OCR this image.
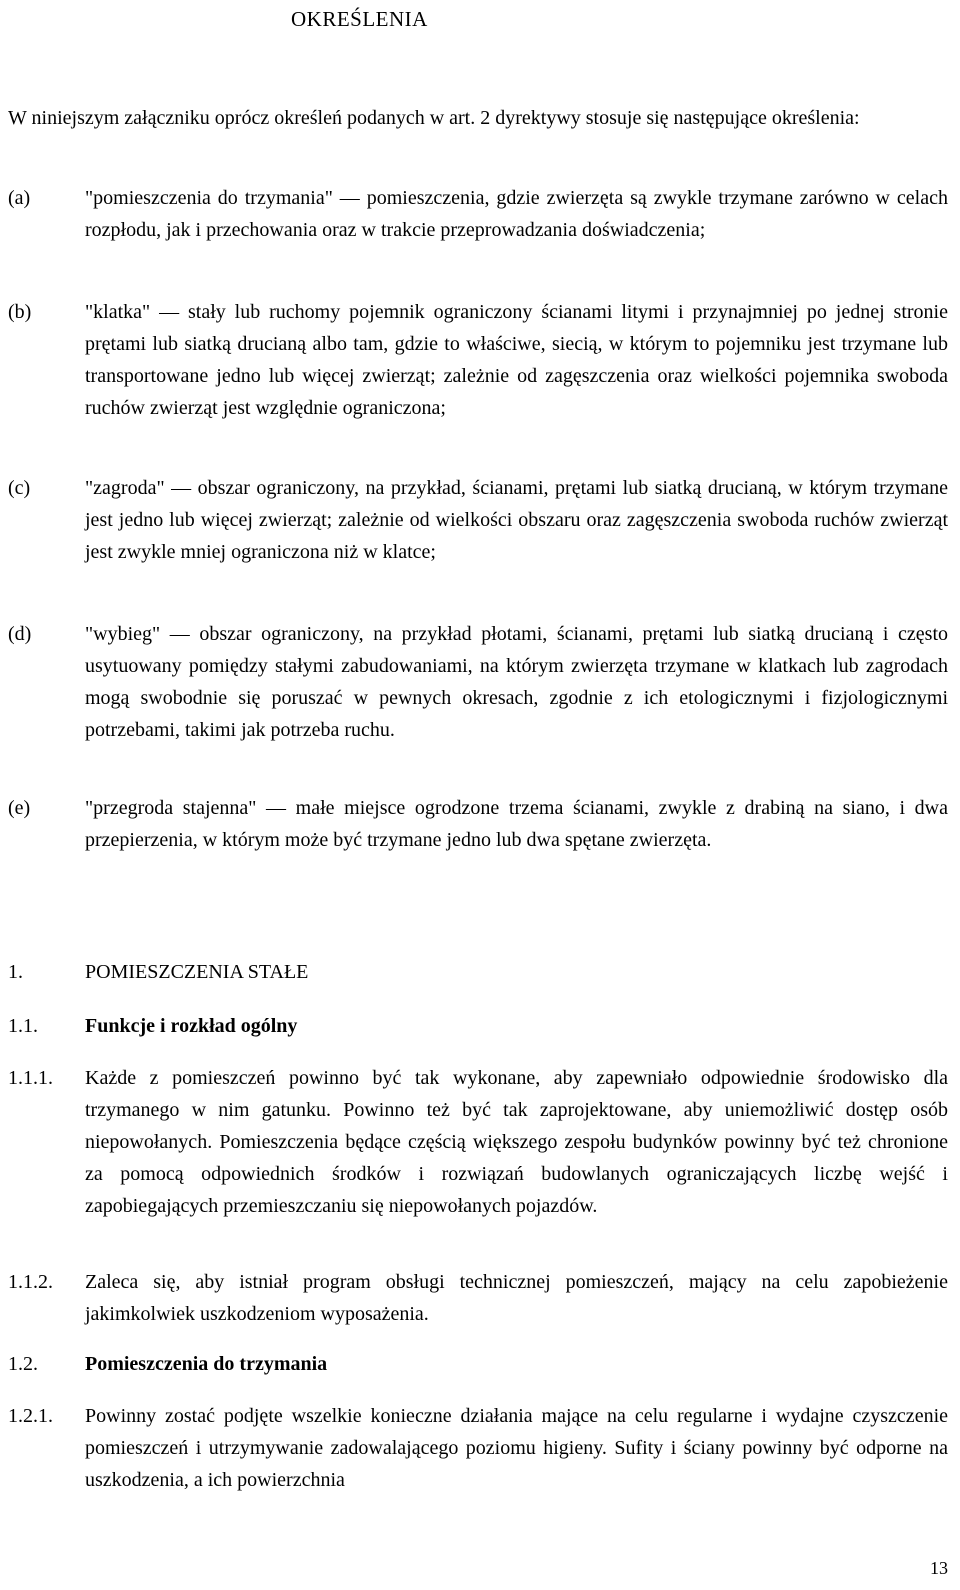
OKREŚLENIA
W niniejszym załączniku oprócz określeń podanych w art. 2 dyrektywy stosuje się następujące określenia:
(a)	"pomieszczenia do trzymania" — pomieszczenia, gdzie zwierzęta są zwykle trzymane zarówno w celach rozpłodu, jak i przechowania oraz w trakcie przeprowadzania doświadczenia;
(b)	"klatka" — stały lub ruchomy pojemnik ograniczony ścianami litymi i przynajmniej po jednej stronie prętami lub siatką drucianą albo tam, gdzie to właściwe, siecią, w którym to pojemniku jest trzymane lub transportowane jedno lub więcej zwierząt; zależnie od zagęszczenia oraz wielkości pojemnika swoboda ruchów zwierząt jest względnie ograniczona;
(c)	"zagroda" — obszar ograniczony, na przykład, ścianami, prętami lub siatką drucianą, w którym trzymane jest jedno lub więcej zwierząt; zależnie od wielkości obszaru oraz zagęszczenia swoboda ruchów zwierząt jest zwykle mniej ograniczona niż w klatce;
(d)	"wybieg" — obszar ograniczony, na przykład płotami, ścianami, prętami lub siatką drucianą i często usytuowany pomiędzy stałymi zabudowaniami, na którym zwierzęta trzymane w klatkach lub zagrodach mogą swobodnie się poruszać w pewnych okresach, zgodnie z ich etologicznymi i fizjologicznymi potrzebami, takimi jak potrzeba ruchu.
(e)	"przegroda stajenna" — małe miejsce ogrodzone trzema ścianami, zwykle z drabiną na siano, i dwa przepierzenia, w którym może być trzymane jedno lub dwa spętane zwierzęta.
1.	POMIESZCZENIA STAŁE
1.1. Funkcje i rozkład ogólny
1.1.1. Każde z pomieszczeń powinno być tak wykonane, aby zapewniało odpowiednie środowisko dla trzymanego w nim gatunku. Powinno też być tak zaprojektowane, aby uniemożliwić dostęp osób niepowołanych. Pomieszczenia będące częścią większego zespołu budynków powinny być też chronione za pomocą odpowiednich środków i rozwiązań budowlanych ograniczających liczbę wejść i zapobiegających przemieszczaniu się niepowołanych pojazdów.
1.1.2. Zaleca się, aby istniał program obsługi technicznej pomieszczeń, mający na celu zapobieżenie jakimkolwiek uszkodzeniom wyposażenia.
1.2. Pomieszczenia do trzymania
1.2.1. Powinny zostać podjęte wszelkie konieczne działania mające na celu regularne i wydajne czyszczenie pomieszczeń i utrzymywanie zadowalającego poziomu higieny. Sufity i ściany powinny być odporne na uszkodzenia, a ich powierzchnia
13
